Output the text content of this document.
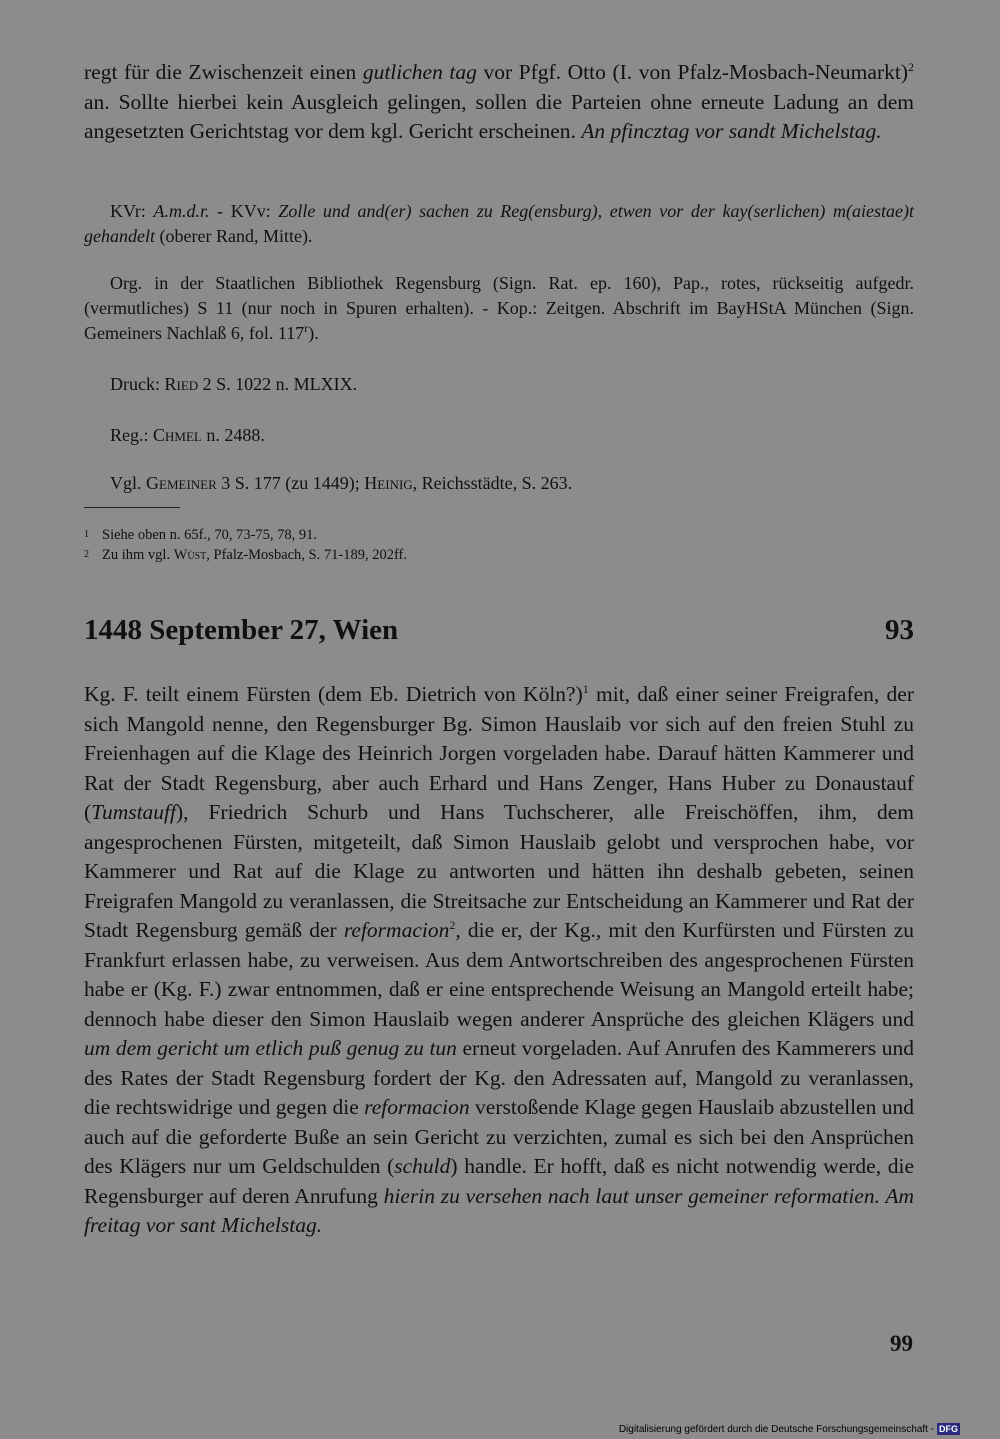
regt für die Zwischenzeit einen gutlichen tag vor Pfgf. Otto (I. von Pfalz-Mosbach-Neumarkt)$^2$ an. Sollte hierbei kein Ausgleich gelingen, sollen die Parteien ohne erneute Ladung an dem angesetzten Gerichtstag vor dem kgl. Gericht erscheinen. An pfincztag vor sandt Michelstag.

KVr: A.m.d.r. - KVv: Zolle und and(er) sachen zu Reg(ensburg), etwen vor der kay(serlichen) m(aiestae)t gehandelt (oberer Rand, Mitte).

Org. in der Staatlichen Bibliothek Regensburg (Sign. Rat. ep. 160), Pap., rotes, rückseitig aufgedr. (vermutliches) S 11 (nur noch in Spuren erhalten). - Kop.: Zeitgen. Abschrift im BayHStA München (Sign. Gemeiners Nachlaß 6, fol. 117$^r$).

Druck: Ried 2 S. 1022 n. MLXIX.
Reg.: Chmel n. 2488.
Vgl. Gemeiner 3 S. 177 (zu 1449); Heinig, Reichsstädte, S. 263.
1 Siehe oben n. 65f., 70, 73-75, 78, 91.
2 Zu ihm vgl. Wüst, Pfalz-Mosbach, S. 71-189, 202ff.
1448 September 27, Wien	93

Kg. F. teilt einem Fürsten (dem Eb. Dietrich von Köln?)$^1$ mit, daß einer seiner Freigrafen, der sich Mangold nenne, den Regensburger Bg. Simon Hauslaib vor sich auf den freien Stuhl zu Freienhagen auf die Klage des Heinrich Jorgen vorgeladen habe. Darauf hätten Kammerer und Rat der Stadt Regensburg, aber auch Erhard und Hans Zenger, Hans Huber zu Donaustauf (Tumstauff), Friedrich Schurb und Hans Tuchscherer, alle Freischöffen, ihm, dem angesprochenen Fürsten, mitgeteilt, daß Simon Hauslaib gelobt und versprochen habe, vor Kammerer und Rat auf die Klage zu antworten und hätten ihn deshalb gebeten, seinen Freigrafen Mangold zu veranlassen, die Streitsache zur Entscheidung an Kammerer und Rat der Stadt Regensburg gemäß der reformacion$^2$, die er, der Kg., mit den Kurfürsten und Fürsten zu Frankfurt erlassen habe, zu verweisen. Aus dem Antwortschreiben des angesprochenen Fürsten habe er (Kg. F.) zwar entnommen, daß er eine entsprechende Weisung an Mangold erteilt habe; dennoch habe dieser den Simon Hauslaib wegen anderer Ansprüche des gleichen Klägers und um dem gericht um etlich puß genug zu tun erneut vorgeladen. Auf Anrufen des Kammerers und des Rates der Stadt Regensburg fordert der Kg. den Adressaten auf, Mangold zu veranlassen, die rechtswidrige und gegen die reformacion verstoßende Klage gegen Hauslaib abzustellen und auch auf die geforderte Buße an sein Gericht zu verzichten, zumal es sich bei den Ansprüchen des Klägers nur um Geldschulden (schuld) handle. Er hofft, daß es nicht notwendig werde, die Regensburger auf deren Anrufung hierin zu versehen nach laut unser gemeiner reformatien. Am freitag vor sant Michelstag.

99
Digitalisierung gefördert durch die Deutsche Forschungsgemeinschaft - DFG
